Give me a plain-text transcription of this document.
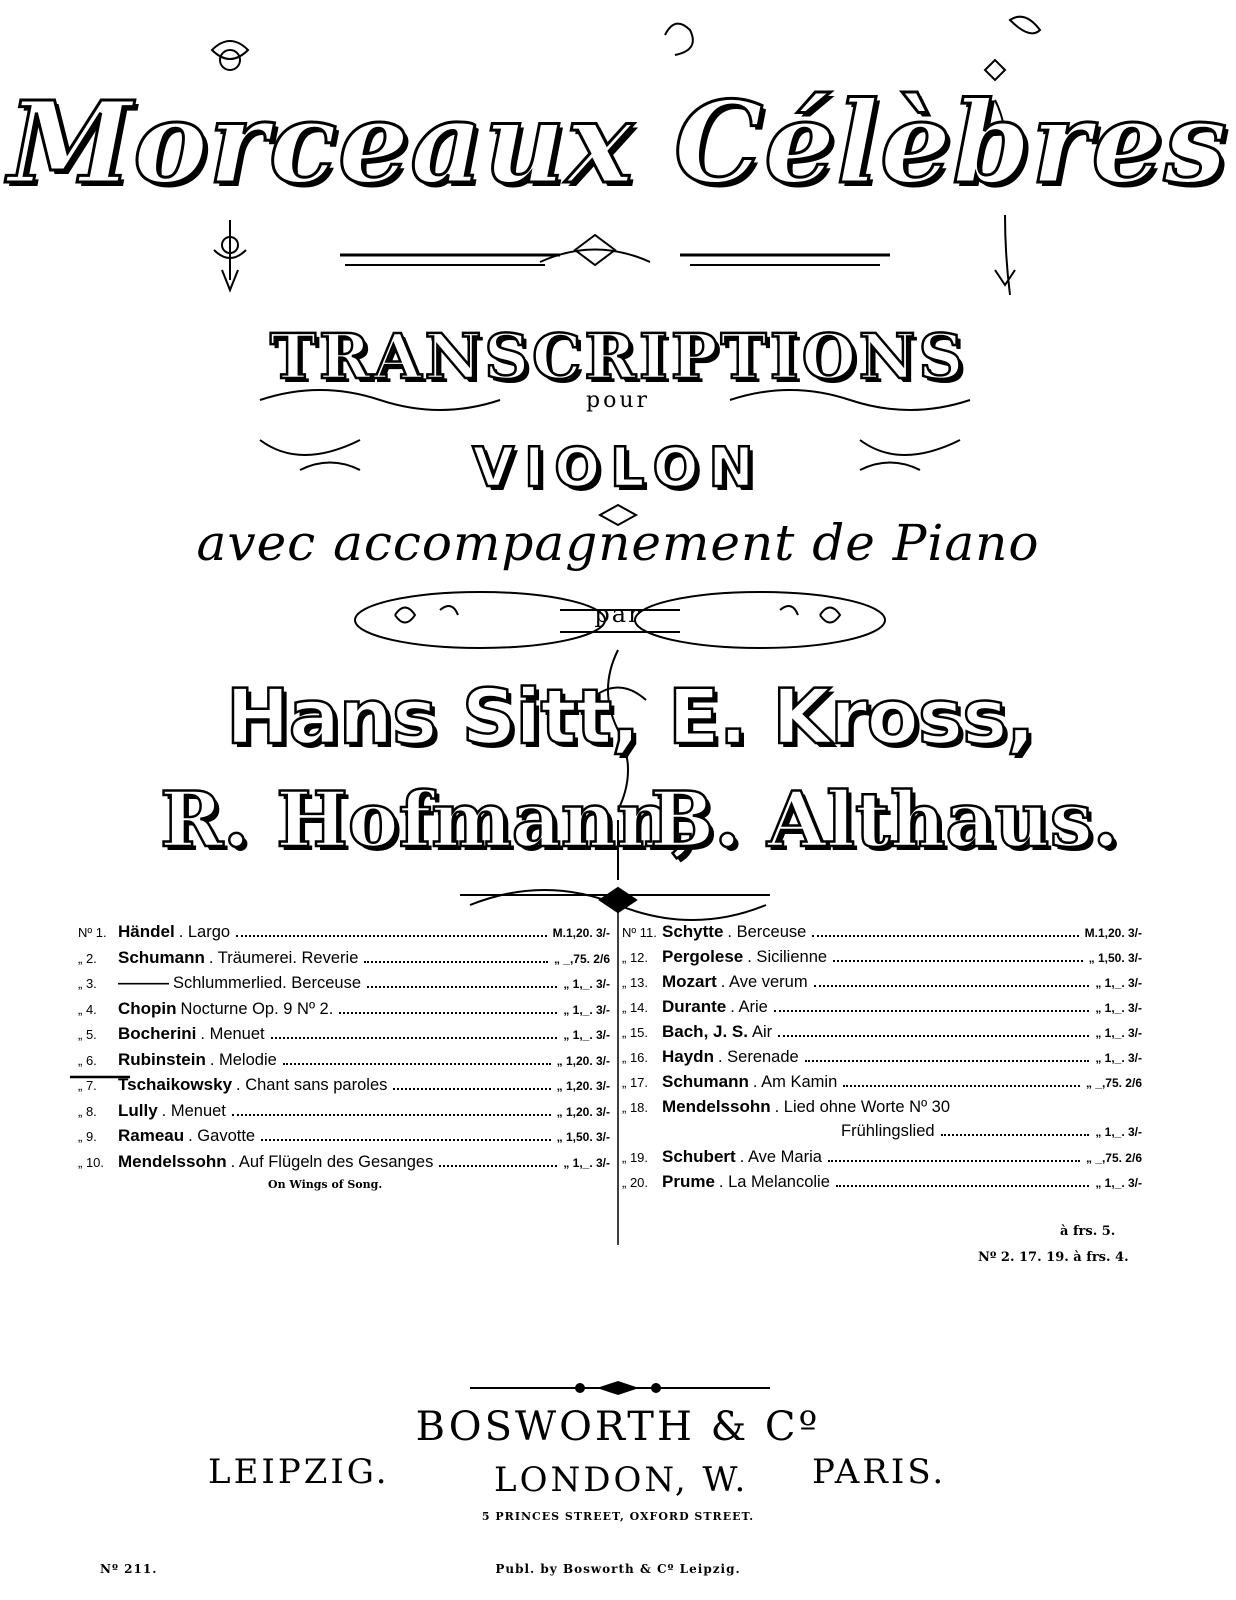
Morceaux Célèbres
TRANSCRIPTIONS
pour
VIOLON
avec accompagnement de Piano
par
Hans Sitt, E. Kross,
R. Hofmann,
B. Althaus.
Nº 1. Händel . Largo	M.1,20. 3/-
„ 2.	Schumann . Träumerei. Reverie	„ _,75. 2/6
„ 3.	——— Schlummerlied. Berceuse	„ 1,_. 3/-
„ 4.	Chopin Nocturne Op. 9 Nº 2.	„ 1,_. 3/-
„ 5.	Bocherini . Menuet	„ 1,_. 3/-
„ 6.	Rubinstein . Melodie	„ 1,20. 3/-
„ 7.	Tschaikowsky . Chant sans paroles	„ 1,20. 3/-
„ 8.	Lully . Menuet	„ 1,20. 3/-
„ 9.	Rameau . Gavotte	„ 1,50. 3/-
„ 10. Mendelssohn . Auf Flügeln des Gesanges	„ 1,_. 3/-
Nº 11. Schytte . Berceuse	M.1,20. 3/-
„ 12. Pergolese . Sicilienne	„ 1,50. 3/-
„ 13. Mozart . Ave verum	„ 1,_. 3/-
„ 14. Durante . Arie	„ 1,_. 3/-
„ 15. Bach, J. S. Air	„ 1,_. 3/-
„ 16. Haydn . Serenade	„ 1,_. 3/-
„ 17. Schumann . Am Kamin	„ _,75. 2/6
„ 18. Mendelssohn . Lied ohne Worte Nº 30
Frühlingslied	„ 1,_. 3/-
„ 19. Schubert . Ave Maria	„ _,75. 2/6
„ 20. Prume . La Melancolie	„ 1,_. 3/-
On Wings of Song.
à frs. 5.
Nº 2. 17. 19. à frs. 4.
BOSWORTH & Cº
LEIPZIG.	LONDON, W. PARIS.
5 PRINCES STREET, OXFORD STREET.
Nº 211.	Publ. by Bosworth & Cº Leipzig.
